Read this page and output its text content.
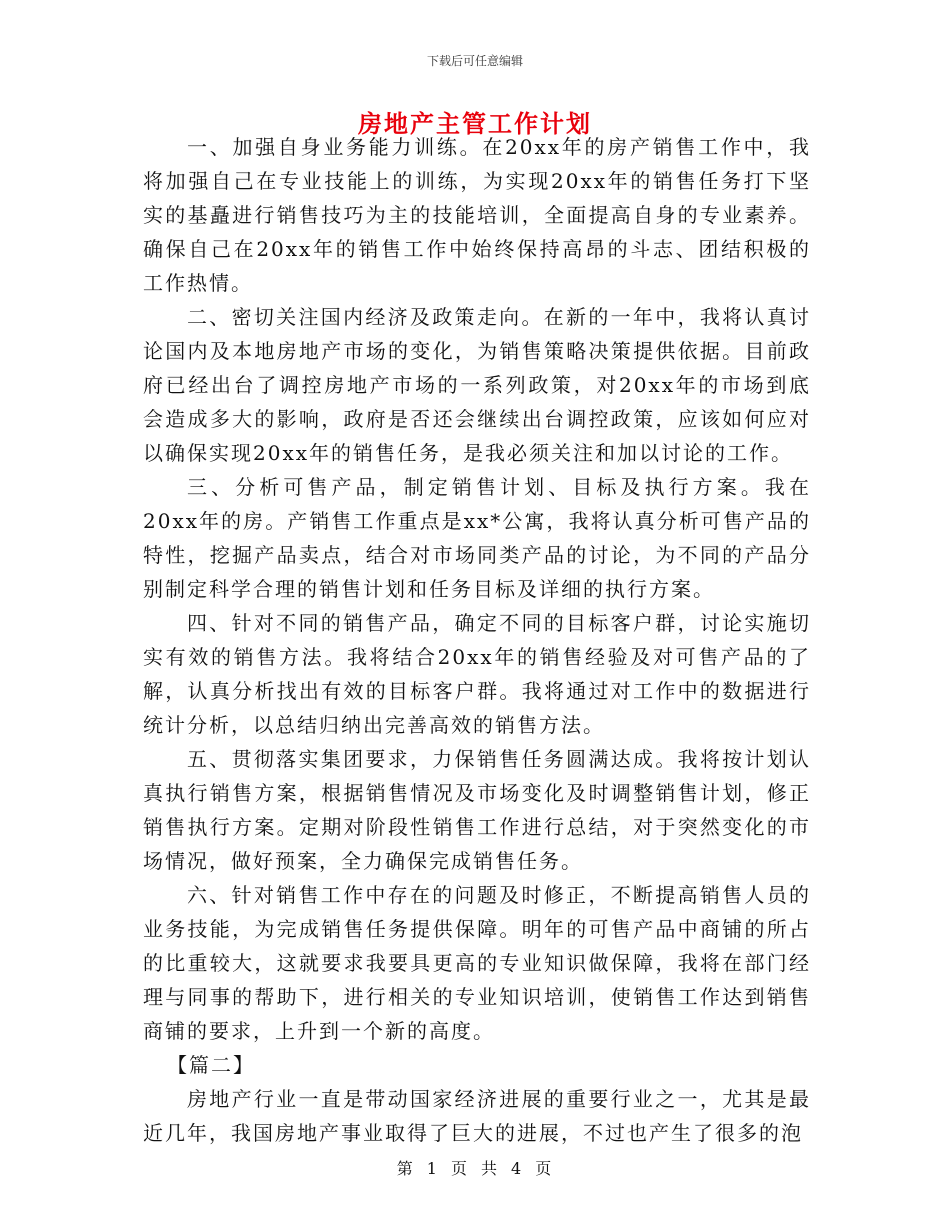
下载后可任意编辑
房地产主管工作计划

一、加强自身业务能力训练。在20xx年的房产销售工作中，我将加强自己在专业技能上的训练，为实现20xx年的销售任务打下坚实的基矗进行销售技巧为主的技能培训，全面提高自身的专业素养。确保自己在20xx年的销售工作中始终保持高昂的斗志、团结积极的工作热情。

二、密切关注国内经济及政策走向。在新的一年中，我将认真讨论国内及本地房地产市场的变化，为销售策略决策提供依据。目前政府已经出台了调控房地产市场的一系列政策，对20xx年的市场到底会造成多大的影响，政府是否还会继续出台调控政策，应该如何应对以确保实现20xx年的销售任务，是我必须关注和加以讨论的工作。

三、分析可售产品，制定销售计划、目标及执行方案。我在20xx年的房。产销售工作重点是xx*公寓，我将认真分析可售产品的特性，挖掘产品卖点，结合对市场同类产品的讨论，为不同的产品分别制定科学合理的销售计划和任务目标及详细的执行方案。

四、针对不同的销售产品，确定不同的目标客户群，讨论实施切实有效的销售方法。我将结合20xx年的销售经验及对可售产品的了解，认真分析找出有效的目标客户群。我将通过对工作中的数据进行统计分析，以总结归纳出完善高效的销售方法。

五、贯彻落实集团要求，力保销售任务圆满达成。我将按计划认真执行销售方案，根据销售情况及市场变化及时调整销售计划，修正销售执行方案。定期对阶段性销售工作进行总结，对于突然变化的市场情况，做好预案，全力确保完成销售任务。

六、针对销售工作中存在的问题及时修正，不断提高销售人员的业务技能，为完成销售任务提供保障。明年的可售产品中商铺的所占的比重较大，这就要求我要具更高的专业知识做保障，我将在部门经理与同事的帮助下，进行相关的专业知识培训，使销售工作达到销售商铺的要求，上升到一个新的高度。

【篇二】

房地产行业一直是带动国家经济进展的重要行业之一，尤其是最近几年，我国房地产事业取得了巨大的进展，不过也产生了很多的泡

第 1 页 共 4 页
